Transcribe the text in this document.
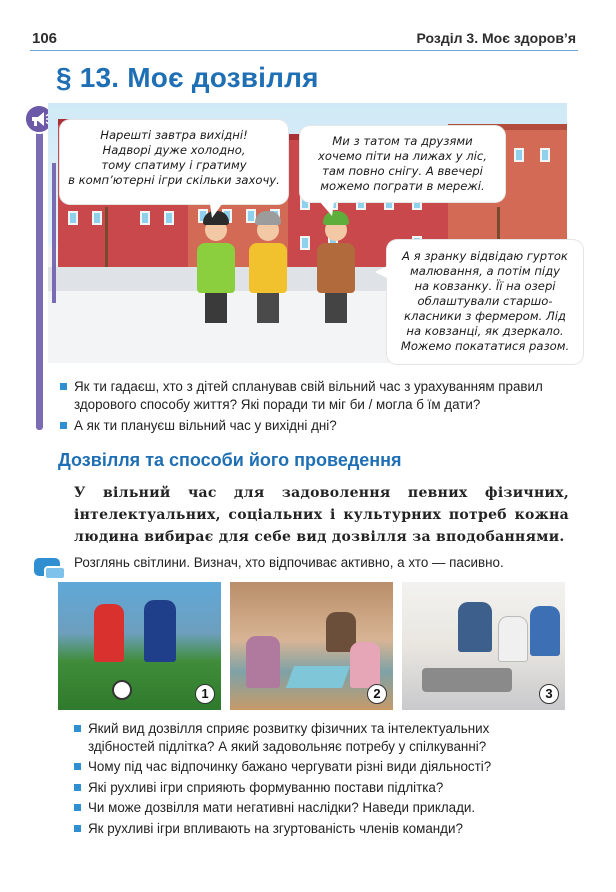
106	Розділ 3. Моє здоров’я
§ 13. Моє дозвілля
Нарешті завтра вихідні!
Надворі дуже холодно,
тому спатиму і гратиму
в комп’ютерні ігри скільки захочу.
Ми з татом та друзями
хочемо піти на лижах у ліс,
там повно снігу. А ввечері
можемо пограти в мережі.
А я зранку відвідаю гурток
малювання, а потім піду
на ковзанку. Її на озері
облаштували старшо-
класники з фермером. Лід
на ковзанці, як дзеркало.
Можемо покататися разом.
Як ти гадаєш, хто з дітей спланував свій вільний час з урахуванням правил здорового способу життя? Які поради ти міг би / могла б їм дати?
А як ти плануєш вільний час у вихідні дні?
Дозвілля та способи його проведення

У вільний час для задоволення певних фізичних, інтелектуальних, соціальних і культурних потреб кожна людина вибирає для себе вид дозвілля за вподобаннями.

Розглянь світлини. Визнач, хто відпочиває активно, а хто — пасивно.
1	2	3
Який вид дозвілля сприяє розвитку фізичних та інтелектуальних здібностей підлітка? А який задовольняє потребу у спілкуванні?
Чому під час відпочинку бажано чергувати різні види діяльності?
Які рухливі ігри сприяють формуванню постави підлітка?
Чи може дозвілля мати негативні наслідки? Наведи приклади.
Як рухливі ігри впливають на згуртованість членів команди?
